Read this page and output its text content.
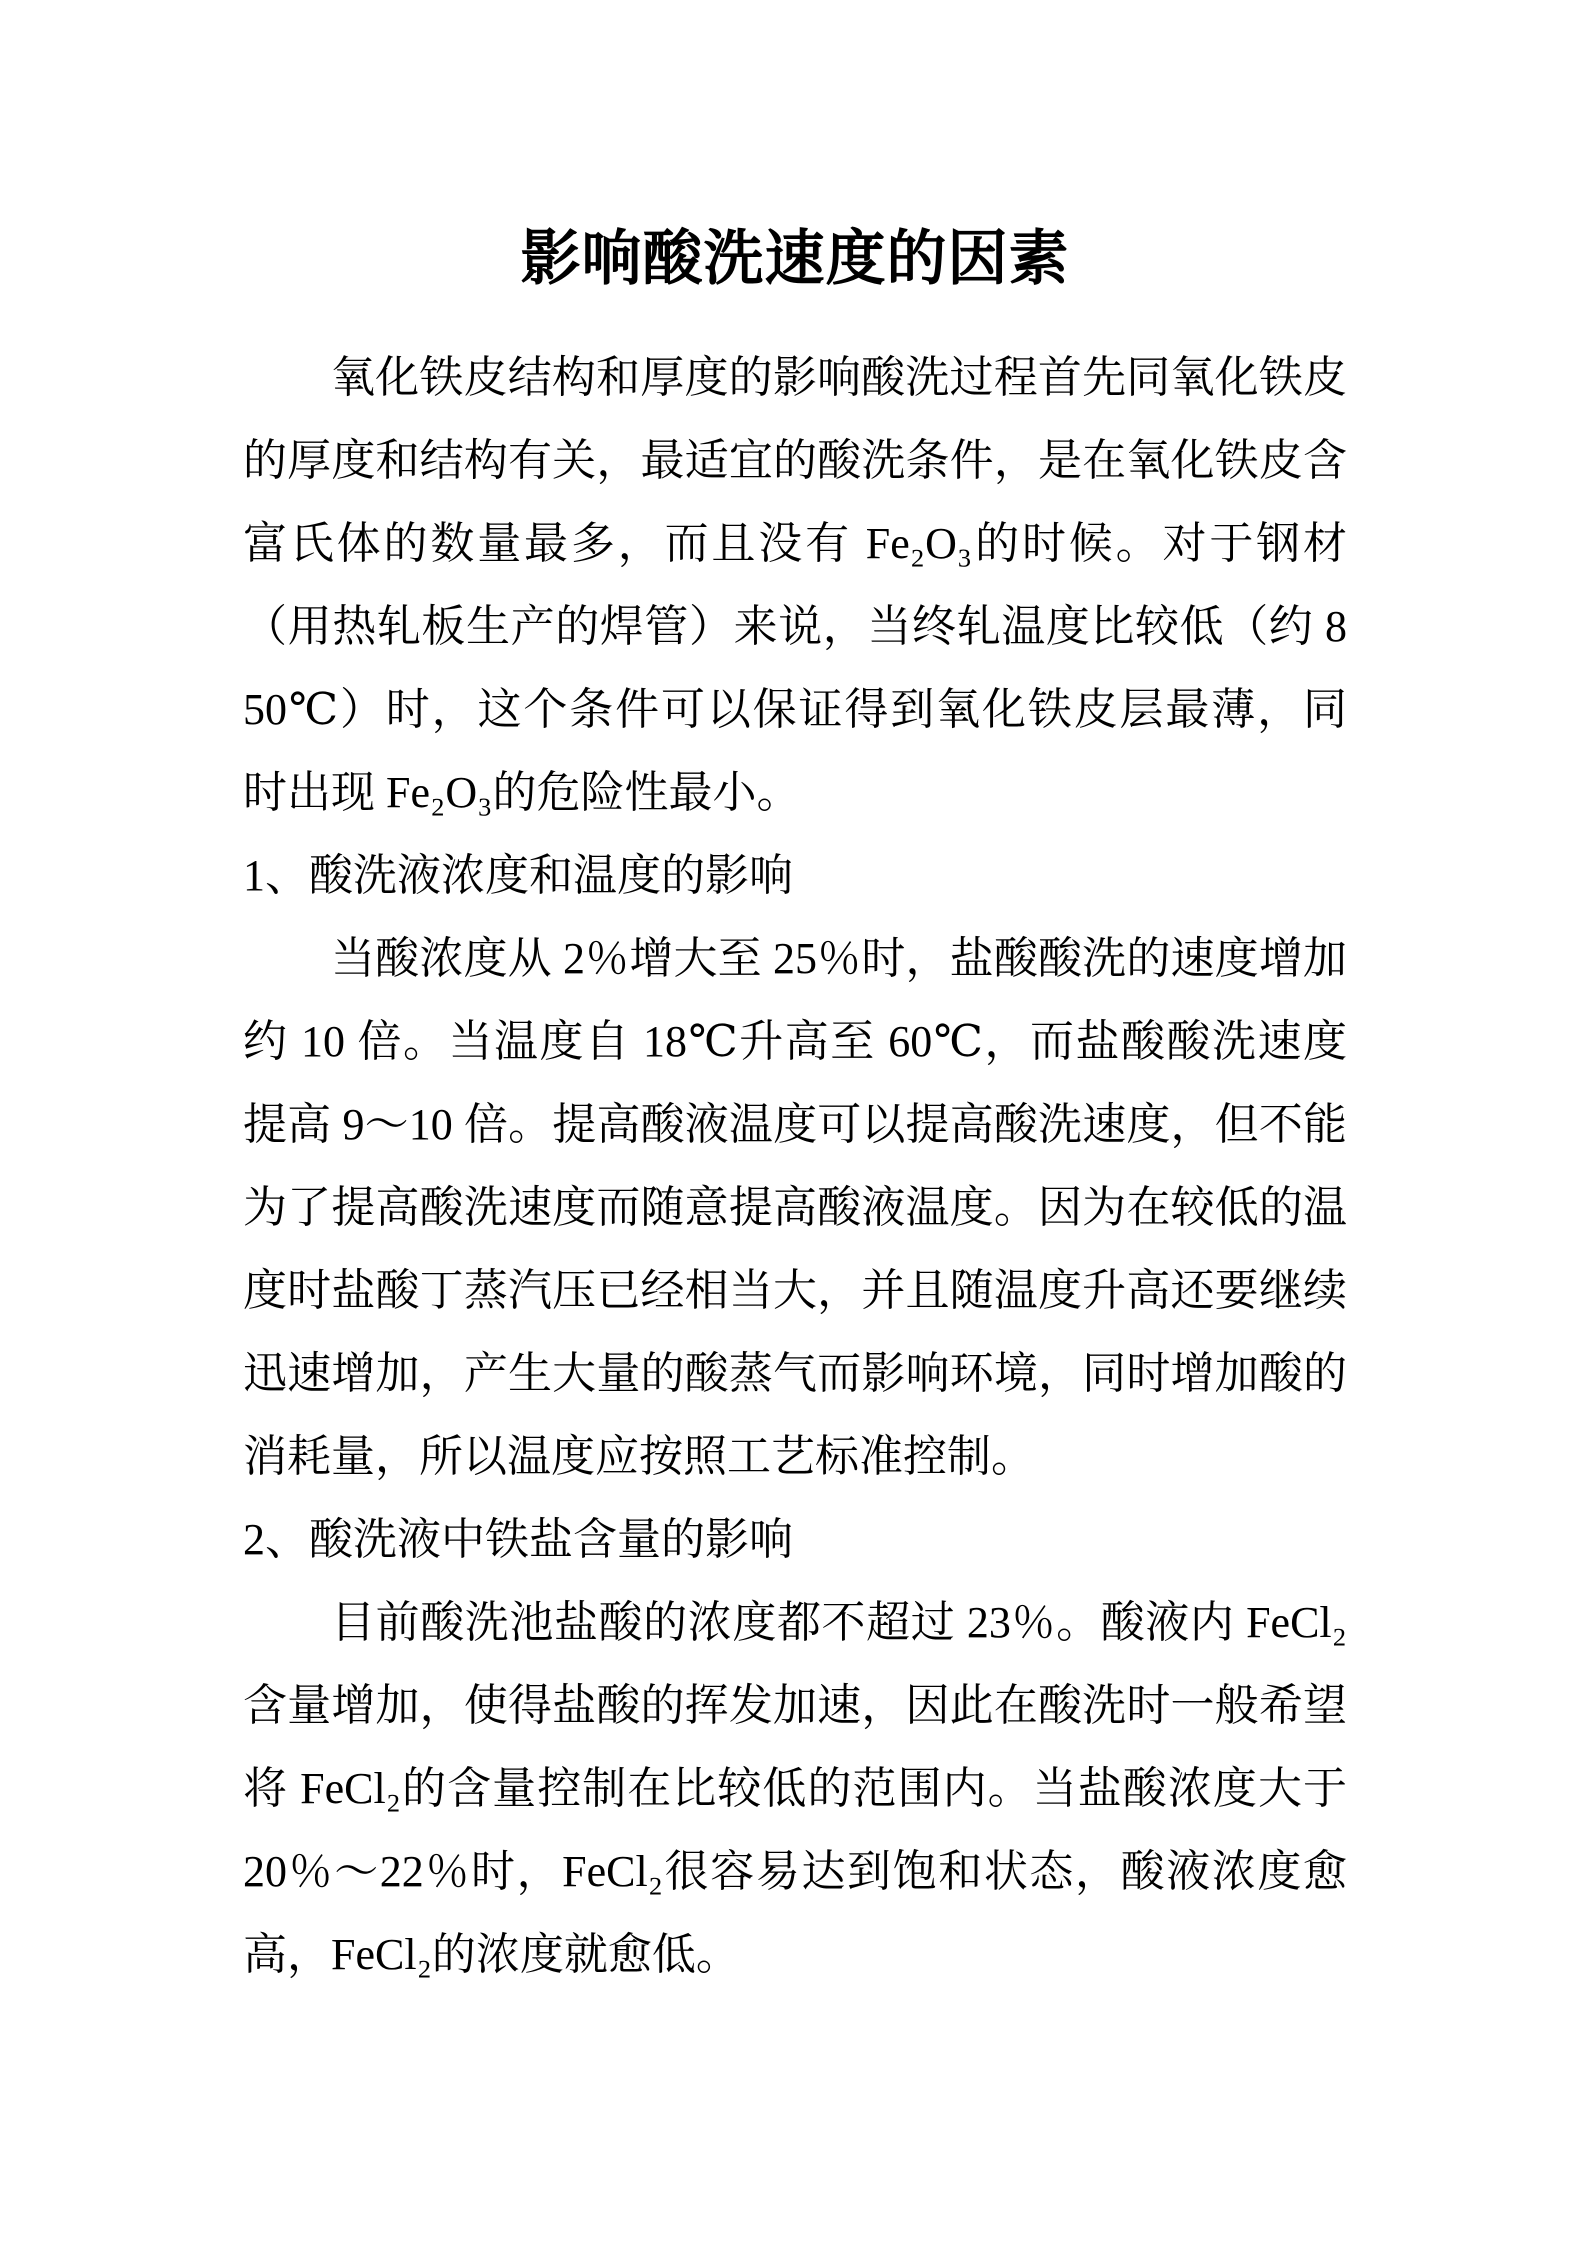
影响酸洗速度的因素

氧化铁皮结构和厚度的影响酸洗过程首先同氧化铁皮的厚度和结构有关，最适宜的酸洗条件，是在氧化铁皮含富氏体的数量最多，而且没有 Fe₂O₃的时候。对于钢材（用热轧板生产的焊管）来说，当终轧温度比较低（约 850℃）时，这个条件可以保证得到氧化铁皮层最薄，同时出现 Fe₂O₃的危险性最小。

1、酸洗液浓度和温度的影响

当酸浓度从 2％增大至 25％时，盐酸酸洗的速度增加约 10 倍。当温度自 18℃升高至 60℃，而盐酸酸洗速度提高 9～10 倍。提高酸液温度可以提高酸洗速度，但不能为了提高酸洗速度而随意提高酸液温度。因为在较低的温度时盐酸丁蒸汽压已经相当大，并且随温度升高还要继续迅速增加，产生大量的酸蒸气而影响环境，同时增加酸的消耗量，所以温度应按照工艺标准控制。

2、酸洗液中铁盐含量的影响

目前酸洗池盐酸的浓度都不超过 23％。酸液内 FeCl₂含量增加，使得盐酸的挥发加速，因此在酸洗时一般希望将 FeCl₂的含量控制在比较低的范围内。当盐酸浓度大于 20％～22％时，FeCl₂很容易达到饱和状态，酸液浓度愈高，FeCl₂的浓度就愈低。
